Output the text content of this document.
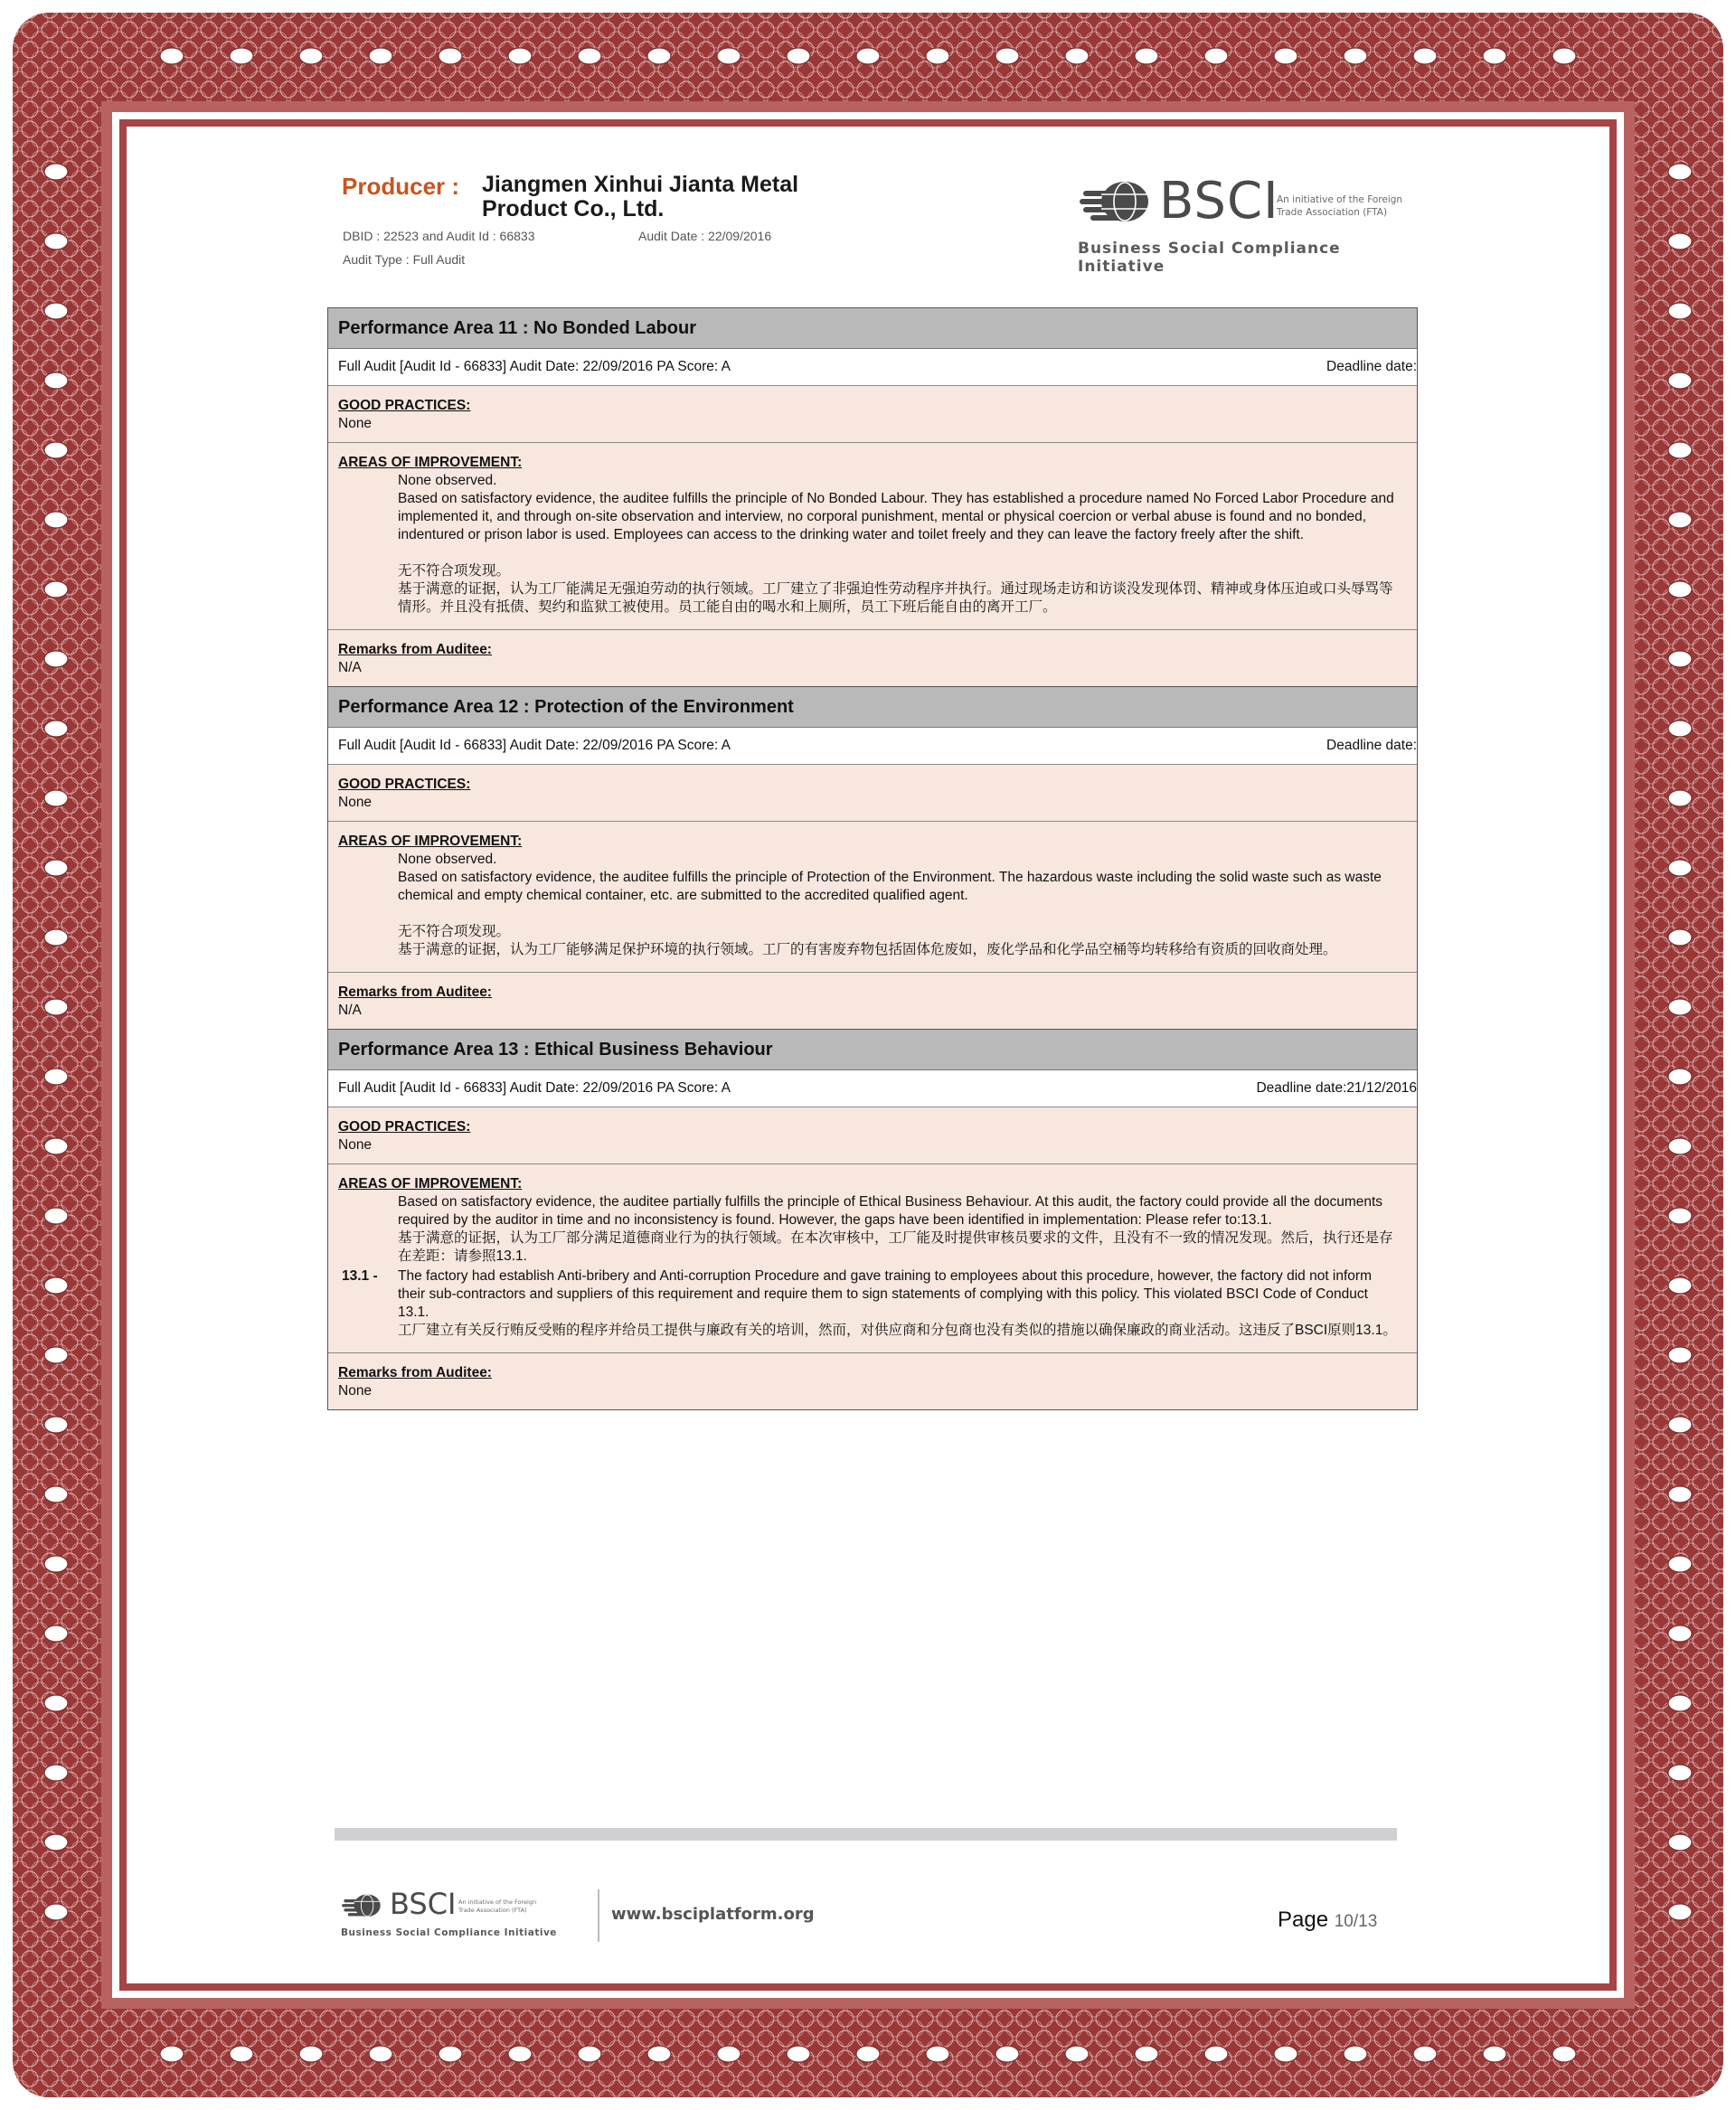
Producer : Jiangmen Xinhui Jianta Metal Product Co., Ltd.
DBID : 22523 and Audit Id : 66833	Audit Date : 22/09/2016
Audit Type : Full Audit
BSCI
An initiative of the Foreign
Trade Association (FTA)
Business Social Compliance Initiative
Performance Area 11 : No Bonded Labour
Full Audit [Audit Id - 66833] Audit Date: 22/09/2016 PA Score: A	Deadline date:
GOOD PRACTICES:
None
AREAS OF IMPROVEMENT:

None observed.

Based on satisfactory evidence, the auditee fulfills the principle of No Bonded Labour. They has established a procedure named No Forced Labor Procedure and implemented it, and through on-site observation and interview, no corporal punishment, mental or physical coercion or verbal abuse is found and no bonded, indentured or prison labor is used. Employees can access to the drinking water and toilet freely and they can leave the factory freely after the shift.

无不符合项发现。

基于满意的证据，认为工厂能满足无强迫劳动的执行领域。工厂建立了非强迫性劳动程序并执行。通过现场走访和访谈没发现体罚、精神或身体压迫或口头辱骂等情形。并且没有抵债、契约和监狱工被使用。员工能自由的喝水和上厕所，员工下班后能自由的离开工厂。

Remarks from Auditee:
N/A
Performance Area 12 : Protection of the Environment
Full Audit [Audit Id - 66833] Audit Date: 22/09/2016 PA Score: A	Deadline date:
GOOD PRACTICES:
None
AREAS OF IMPROVEMENT:

None observed.

Based on satisfactory evidence, the auditee fulfills the principle of Protection of the Environment. The hazardous waste including the solid waste such as waste chemical and empty chemical container, etc. are submitted to the accredited qualified agent.

无不符合项发现。

基于满意的证据，认为工厂能够满足保护环境的执行领域。工厂的有害废弃物包括固体危废如，废化学品和化学品空桶等均转移给有资质的回收商处理。

Remarks from Auditee:
N/A
Performance Area 13 : Ethical Business Behaviour
Full Audit [Audit Id - 66833] Audit Date: 22/09/2016 PA Score: A	Deadline date:21/12/2016
GOOD PRACTICES:
None
AREAS OF IMPROVEMENT:

Based on satisfactory evidence, the auditee partially fulfills the principle of Ethical Business Behaviour. At this audit, the factory could provide all the documents required by the auditor in time and no inconsistency is found. However, the gaps have been identified in implementation: Please refer to:13.1.

基于满意的证据，认为工厂部分满足道德商业行为的执行领域。在本次审核中，工厂能及时提供审核员要求的文件，且没有不一致的情况发现。然后，执行还是存在差距：请参照13.1.

13.1 -	The factory had establish Anti-bribery and Anti-corruption Procedure and gave training to employees about this procedure, however, the factory did not inform their sub-contractors and suppliers of this requirement and require them to sign statements of complying with this policy. This violated BSCI Code of Conduct 13.1.

工厂建立有关反行贿反受贿的程序并给员工提供与廉政有关的培训，然而，对供应商和分包商也没有类似的措施以确保廉政的商业活动。这违反了BSCI原则13.1。

Remarks from Auditee:
None
BSCI An initiative of the Foreign
Trade Association (FTA)
Business Social Compliance Initiative
www.bsciplatform.org	Page 10/13
